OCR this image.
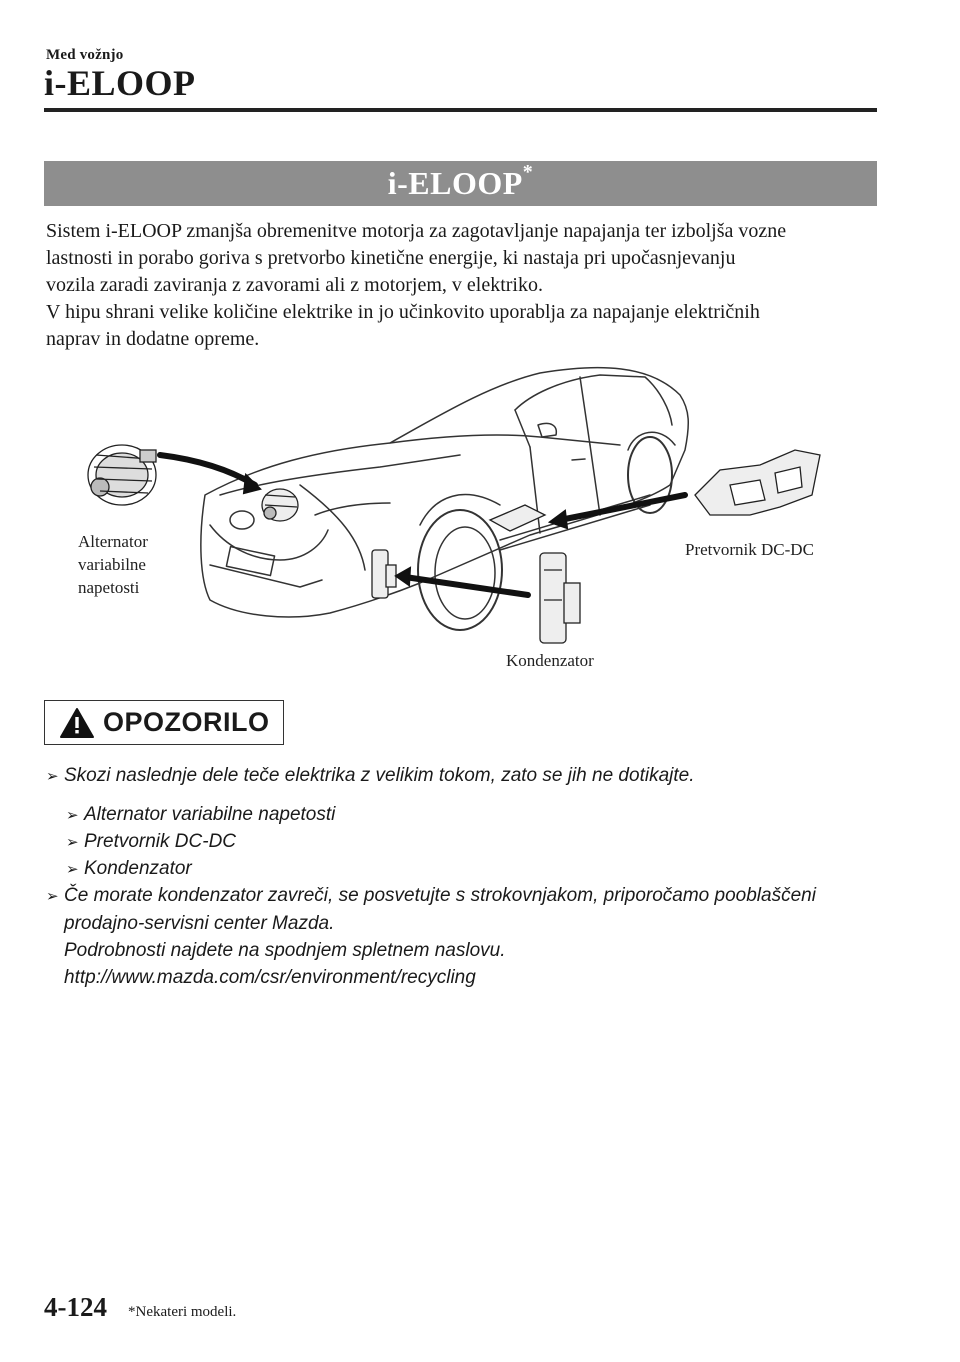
Med vožnjo
i-ELOOP
i-ELOOP*

Sistem i-ELOOP zmanjša obremenitve motorja za zagotavljanje napajanja ter izboljša vozne

lastnosti in porabo goriva s pretvorbo kinetične energije, ki nastaja pri upočasnjevanju

vozila zaradi zaviranja z zavorami ali z motorjem, v elektriko.

V hipu shrani velike količine elektrike in jo učinkovito uporablja za napajanje električnih

naprav in dodatne opreme.

Alternator
variabilne
napetosti
Pretvornik DC-DC
Kondenzator
OPOZORILO
➢ Skozi naslednje dele teče elektrika z velikim tokom, zato se jih ne dotikajte.
➢ Alternator variabilne napetosti
➢ Pretvornik DC-DC
➢ Kondenzator
➢ Če morate kondenzator zavreči, se posvetujte s strokovnjakom, priporočamo pooblaščeni
prodajno-servisni center Mazda.
Podrobnosti najdete na spodnjem spletnem naslovu.
http://www.mazda.com/csr/environment/recycling
4-124 *Nekateri modeli.
